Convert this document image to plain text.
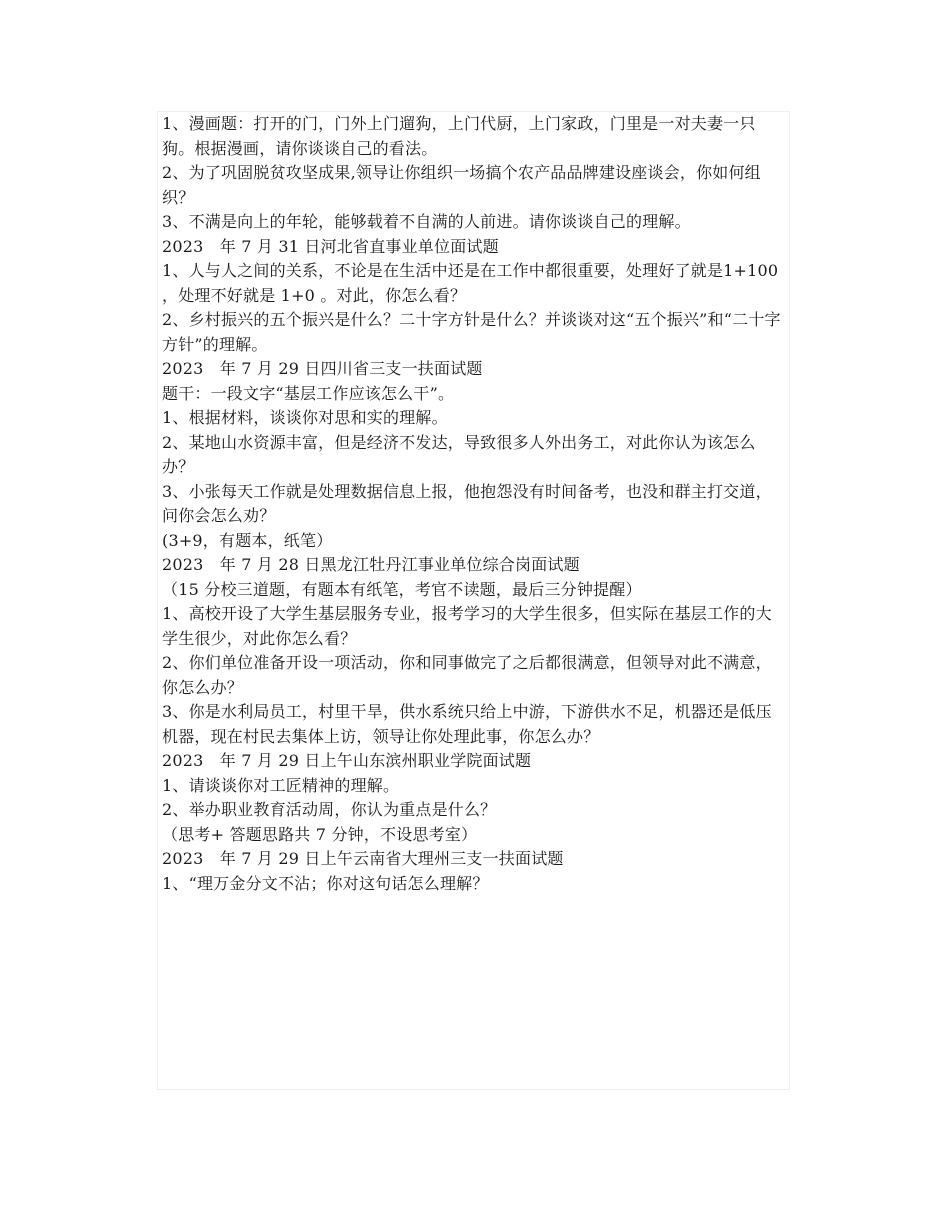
1、漫画题：打开的门，门外上门遛狗，上门代厨，上门家政，门里是一对夫妻一只狗。根据漫画，请你谈谈自己的看法。

2、为了巩固脱贫攻坚成果,领导让你组织一场搞个农产品品牌建设座谈会，你如何组织？

3、不满是向上的年轮，能够载着不自满的人前进。请你谈谈自己的理解。

2023　年 7 月 31 日河北省直事业单位面试题

1、人与人之间的关系，不论是在生活中还是在工作中都很重要，处理好了就是1+100 ，处理不好就是 1+0 。对此，你怎么看？

2、乡村振兴的五个振兴是什么？二十字方针是什么？并谈谈对这“五个振兴”和“二十字方针”的理解。

2023　年 7 月 29 日四川省三支一扶面试题

题干：一段文字“基层工作应该怎么干”。

1、根据材料，谈谈你对思和实的理解。

2、某地山水资源丰富，但是经济不发达，导致很多人外出务工，对此你认为该怎么办？

3、小张每天工作就是处理数据信息上报，他抱怨没有时间备考，也没和群主打交道，问你会怎么劝？

(3+9，有题本，纸笔）

2023　年 7 月 28 日黑龙江牡丹江事业单位综合岗面试题

（15 分校三道题，有题本有纸笔，考官不读题，最后三分钟提醒）

1、高校开设了大学生基层服务专业，报考学习的大学生很多，但实际在基层工作的大学生很少，对此你怎么看？

2、你们单位准备开设一项活动，你和同事做完了之后都很满意，但领导对此不满意，你怎么办？

3、你是水利局员工，村里干旱，供水系统只给上中游，下游供水不足，机器还是低压机器，现在村民去集体上访，领导让你处理此事，你怎么办？

2023　年 7 月 29 日上午山东滨州职业学院面试题

1、请谈谈你对工匠精神的理解。

2、举办职业教育活动周，你认为重点是什么？

（思考+ 答题思路共 7 分钟，不设思考室）

2023　年 7 月 29 日上午云南省大理州三支一扶面试题

1、“理万金分文不沾；你对这句话怎么理解？
